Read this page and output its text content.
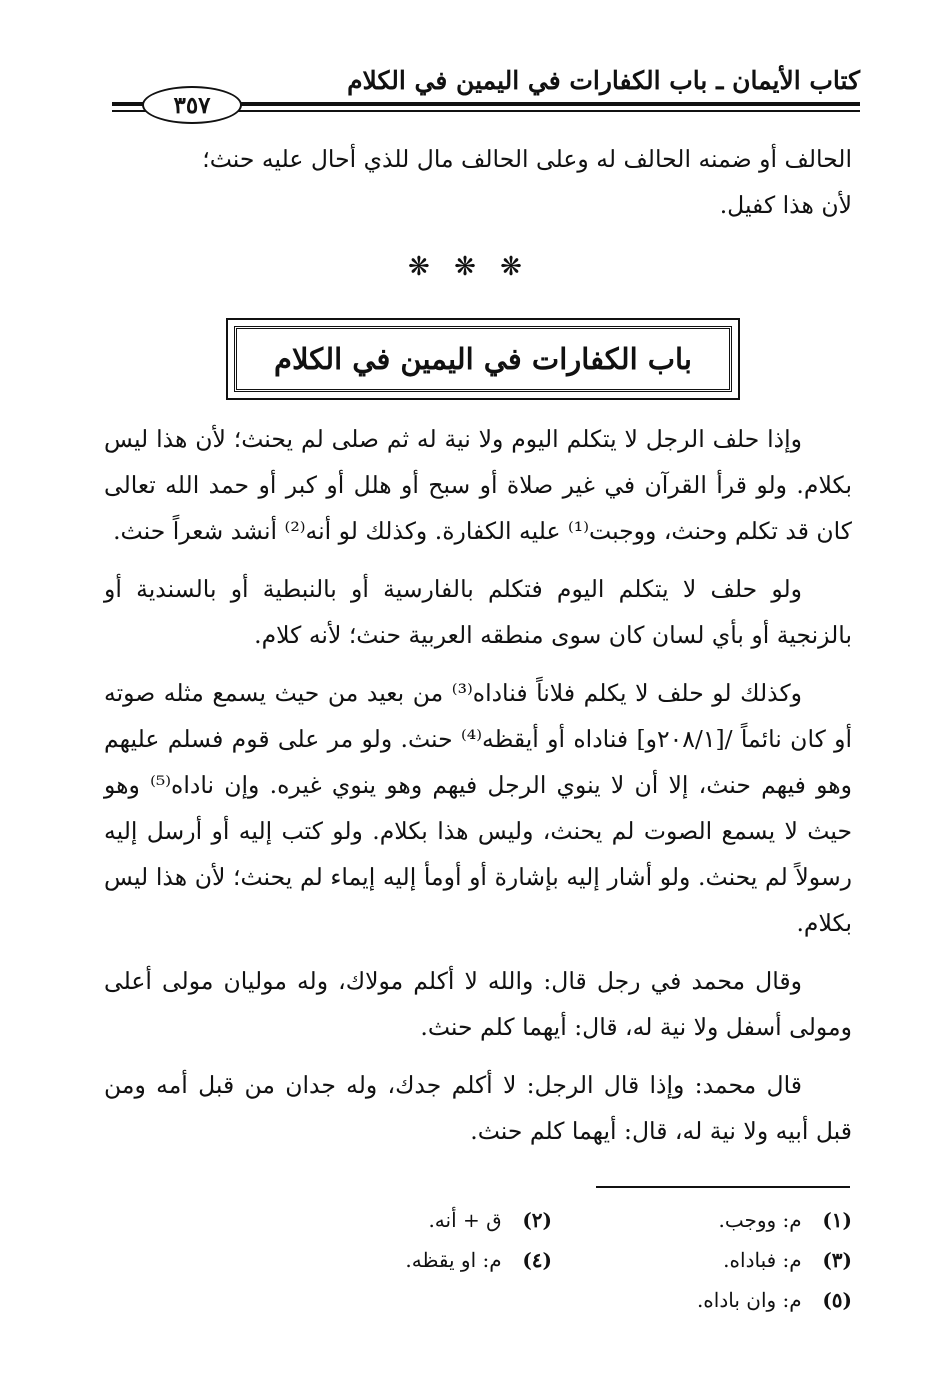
كتاب الأيمان ـ باب الكفارات في اليمين في الكلام
٣٥٧

الحالف أو ضمنه الحالف له وعلى الحالف مال للذي أحال عليه حنث؛

لأن هذا كفيل.

❋ ❋ ❋
باب الكفارات في اليمين في الكلام

وإذا حلف الرجل لا يتكلم اليوم ولا نية له ثم صلى لم يحنث؛ لأن هذا ليس بكلام. ولو قرأ القرآن في غير صلاة أو سبح أو هلل أو كبر أو حمد الله تعالى كان قد تكلم وحنث، ووجبت⁽¹⁾ عليه الكفارة. وكذلك لو أنه⁽²⁾ أنشد شعراً حنث.

ولو حلف لا يتكلم اليوم فتكلم بالفارسية أو بالنبطية أو بالسندية أو بالزنجية أو بأي لسان كان سوى منطقه العربية حنث؛ لأنه كلام.

وكذلك لو حلف لا يكلم فلاناً فناداه⁽³⁾ من بعيد من حيث يسمع مثله صوته أو كان نائماً /[٢٠٨/١و] فناداه أو أيقظه⁽⁴⁾ حنث. ولو مر على قوم فسلم عليهم وهو فيهم حنث، إلا أن لا ينوي الرجل فيهم وهو ينوي غيره. وإن ناداه⁽⁵⁾ وهو حيث لا يسمع الصوت لم يحنث، وليس هذا بكلام. ولو كتب إليه أو أرسل إليه رسولاً لم يحنث. ولو أشار إليه بإشارة أو أومأ إليه إيماء لم يحنث؛ لأن هذا ليس بكلام.

وقال محمد في رجل قال: والله لا أكلم مولاك، وله موليان مولى أعلى ومولى أسفل ولا نية له، قال: أيهما كلم حنث.

قال محمد: وإذا قال الرجل: لا أكلم جدك، وله جدان من قبل أمه ومن قبل أبيه ولا نية له، قال: أيهما كلم حنث.

(١) م: ووجب.
(٢) ق + أنه.
(٣) م: فباداه.
(٤) م: او يقظه.
(٥) م: وان باداه.
